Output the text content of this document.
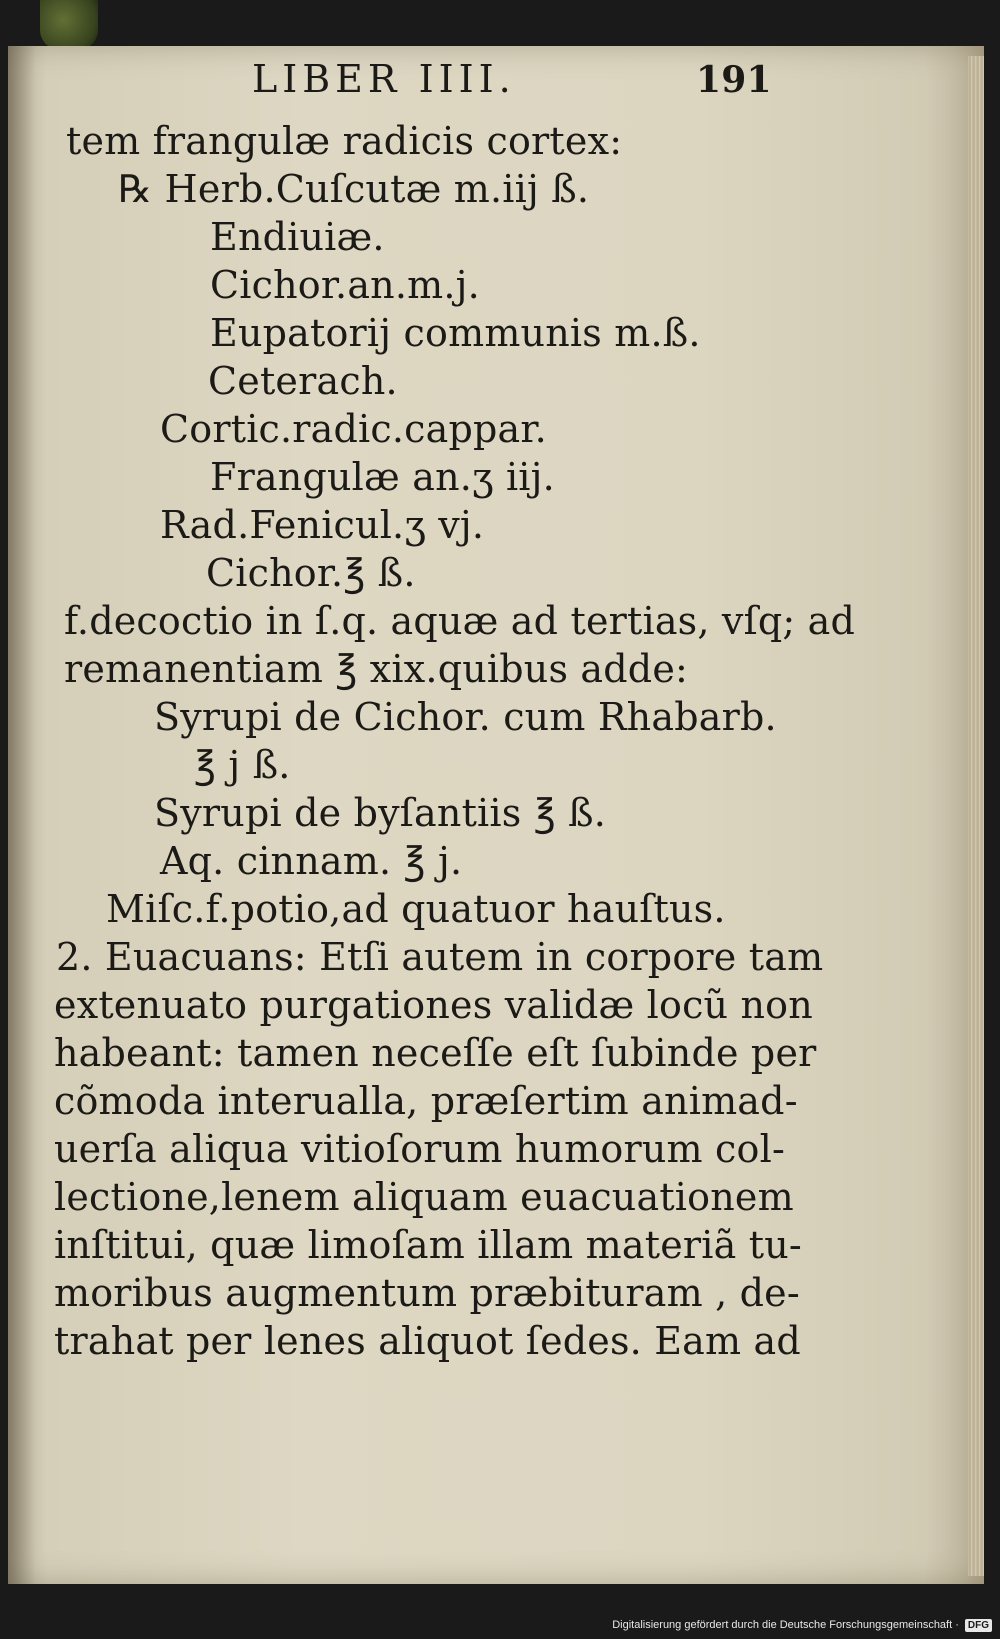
LIBER IIII.	191
tem frangulæ radicis cortex:
℞ Herb.Cuſcutæ m.iij ß.
Endiuiæ.
Cichor.an.m.j.
Eupatorij communis m.ß.
Ceterach.
Cortic.radic.cappar.
Frangulæ an.ʒ iij.
Rad.Fenicul.ʒ vj.
Cichor.℥ ß.
f.decoctio in ſ.q. aquæ ad tertias, vſq; ad
remanentiam ℥ xix.quibus adde:
Syrupi de Cichor. cum Rhabarb.
℥ j ß.
Syrupi de byſantiis ℥ ß.
Aq. cinnam. ℥ j.
Miſc.f.potio,ad quatuor hauſtus.
2. Euacuans: Etſi autem in corpore tam
extenuato purgationes validæ locũ non
habeant: tamen neceſſe eſt ſubinde per
cõmoda interualla, præſertim animad-
uerſa aliqua vitioſorum humorum col-
lectione,lenem aliquam euacuationem
inſtitui, quæ limoſam illam materiã tu-
moribus augmentum præbituram , de-
trahat per lenes aliquot ſedes. Eam ad
Digitalisierung gefördert durch die Deutsche Forschungsgemeinschaft · DFG
